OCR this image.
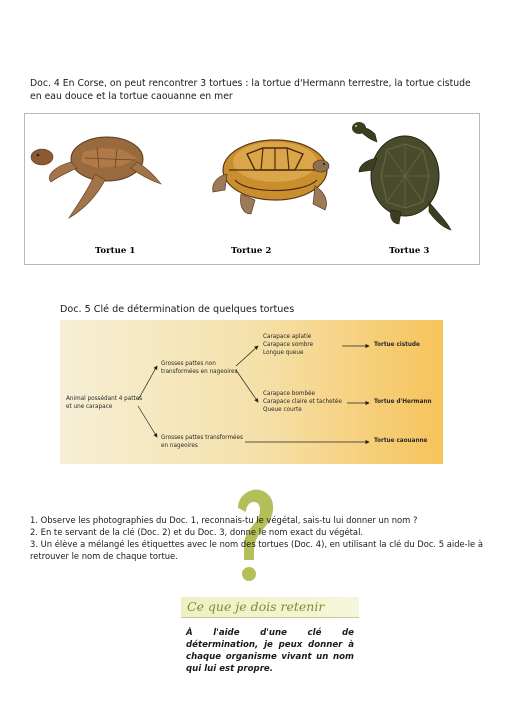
Doc. 4 En Corse, on peut rencontrer 3 tortues : la tortue d'Hermann terrestre, la tortue cistude en eau douce et la tortue caouanne en mer
Tortue 1	Tortue 2	Tortue 3
Doc. 5 Clé de détermination de quelques tortues
Animal possédant 4 pattes
et une carapace
Grosses pattes non
transformées en nageoires
Grosses pattes transformées
en nageoires
Carapace aplatie
Carapace sombre
Longue queue
Carapace bombée
Carapace claire et tachetée
Queue courte
Tortue cistude
Tortue d'Hermann
Tortue caouanne

1. Observe les photographies du Doc. 1, reconnais-tu le végétal, sais-tu lui donner un nom ?

2. En te servant de la clé (Doc. 2) et du Doc. 3, donne le nom exact du végétal.

3. Un élève a mélangé les étiquettes avec le nom des tortues (Doc. 4), en utilisant la clé du Doc. 5 aide-le à retrouver le nom de chaque tortue.

Ce que je dois retenir
À l'aide d'une clé de détermination, je peux donner à chaque organisme vivant un nom qui lui est propre.
